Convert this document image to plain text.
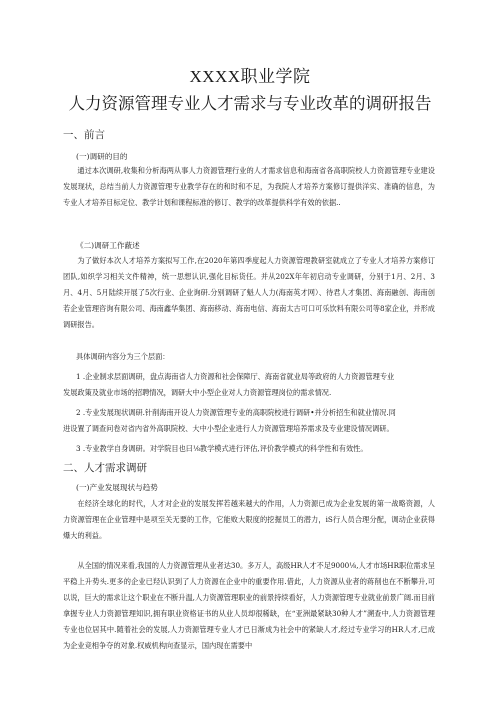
XXXX职业学院
人力资源管理专业人才需求与专业改革的调研报告
一、前言
(一)调研的目的
通过本次调研,收集和分析海两从事人力资源管理行业的人才需求信息和海南省各高职院校人力资源管理专业建设发展现状，总结当前人力资源管理专业教学存在的和时和不足，为我院人才培养方案修订提供洋实、准确的信息，为专业人才培养目标定位、教学计划和课程标准的修订、教学的改革提供科学有效的依据..
《二)调研工作蔽述
为了做好本次人才培养方案拟写工作,在2020年第四季度起人力资源管理教研室就成立了专业人才培养方案修订团队,如织学习相关文件精神，统一思想认识,强化目标货任。并从202X年年初启动专业调研，分别于1月、2月、3月、4月、5月陆续开展了5次行业、企业询研.分别调研了魁人人力(海南英才网）、待君人才集团、海南融创、海南创若企业管理咨询有限公司、海南鑫华集团、海南移动、海南电信、海南太古可口可乐饮料有限公司等8家企业，并形成调研报告。
具体调研内容分为三个层面：
1 .企业制求层面调研，盘点海南省人力资源和社会保障厅、海南省就业局等政府的人力资源管理专业
发展政策及就业市场的招聘情况，调研大中小型企业对人力资源管理岗位的需求情况.
2 .专业发展现状调研.针削海南开设人力资源管理专业的高职院校进行调研•并分析招生和就业情况.同
进设置了调查问卷对省内省外高职院校、大中小型企业进行人力资源管理培养需求及专业建设情况调研。
3 .专业教学自身调研。对学院目也曰⅛教学模式进行评估,评价教学模式的科学性和有效性。
二、人才需求调研
(一)产业发展现状与趋势
在经济全球化的时代，人才对企业的发展发挥若越来越大的作用，人力资源已成为企业发展的第一战略资源，人力资源管理在企业管理中是项至关无要的工作，它能败大限度的挖掘员工的潜力，iS行人员合理分配，调动企业获得爆大的利益。
从全国的情况来看,我国的人力资源管理从业者达30。多万人，高级HR人才不足9000⅛,人才市场HR职位需求呈平稳上升势头.更多的企业已羟认识到了人力资源在企业中的重要作用.借此，人力资源从业者的蒋削也在不断攀升,可以说，巨大的需求让这个职业在不断升温,人力资源管理职业的前景持续看好，人力资源管理专业就业前景广阔.而目前拿握专业人力资源管理知识,拥有职业资格证书的从业人员却很稀缺，在“亚洲最紧缺30种人才”溯查中,人力资源管理专业也位居其中.随着社会的发展,人力资源管理专业人才已日渐成为社会中的紧缺人才,经过专业学习的HR人才,已成为企业竞相争夺的对象.权威机构向查显示，国内现在需要中
